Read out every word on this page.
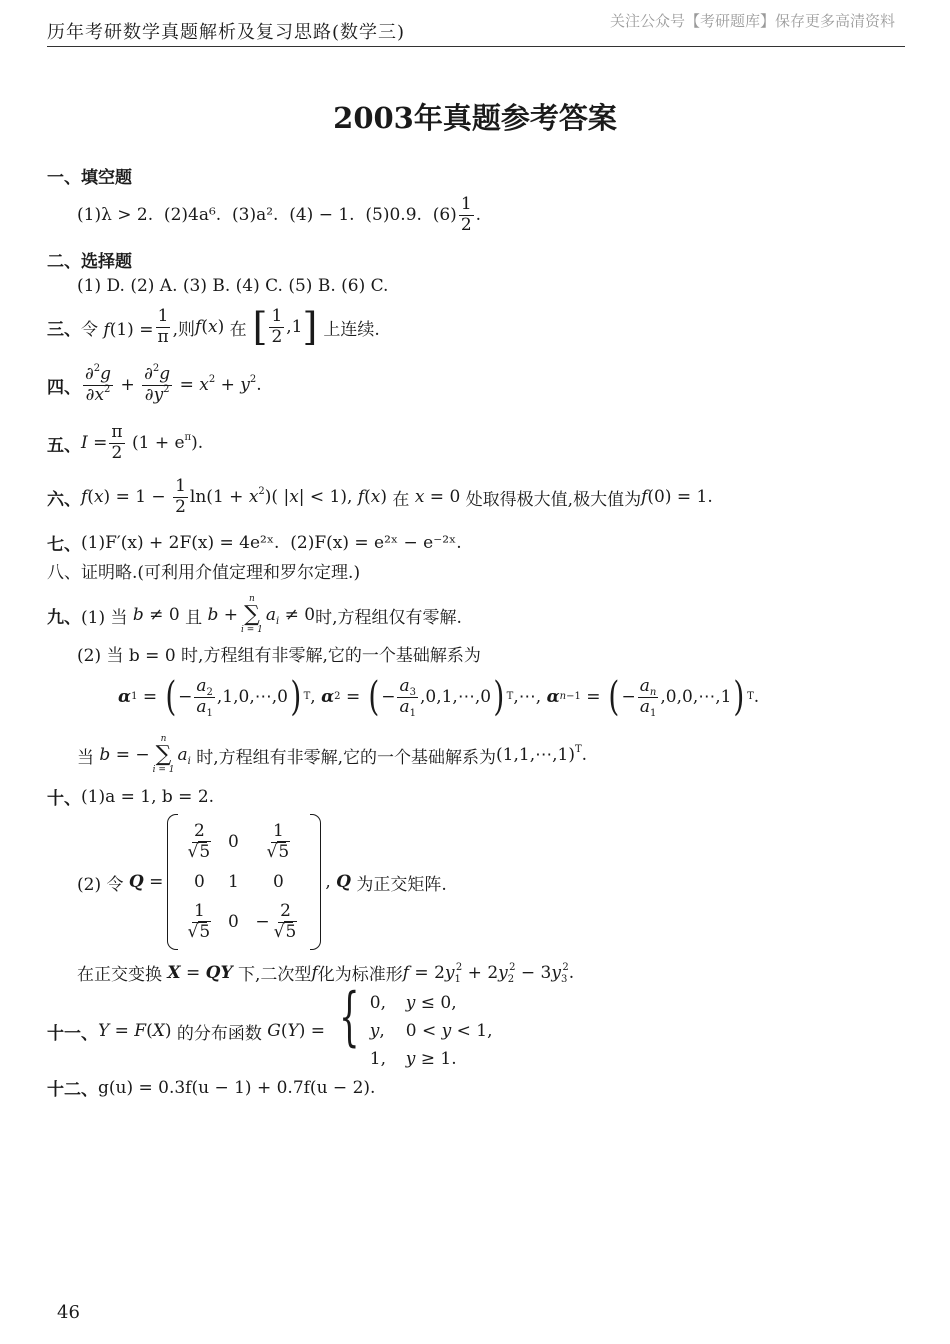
历年考研数学真题解析及复习思路(数学三)
关注公众号【考研题库】保存更多高清资料
2003年真题参考答案
一、填空题
(1)λ > 2.  (2)4a⁶.  (3)a².  (4) − 1.  (5)0.9.  $(6) \frac{1}{2}$ .
二、选择题
(1) D. (2) A. (3) B. (4) C. (5) B. (6) C.
三、 令 $f(1) = \frac{1}{\pi}$ ,则 f(x) 在 [ $\frac{1}{2} ,1$ ] 上连续.
四、 $\frac{\partial^2g}{\partial x^2} + \frac{\partial^2g}{\partial y^2} = x^2 + y^2$.
五、 $I = \frac{\pi}{2} (1 + e^\pi)$.
六、 $f(x) = 1 - \frac{1}{2} \ln(1 + x^2)$( |x| < 1), f(x) 在 x = 0 处取得极大值,极大值为 f(0) = 1.
七、 (1)F′(x) + 2F(x) = 4e²ˣ.  (2)F(x) = e²ˣ − e⁻²ˣ.
八、证明略.(可利用介值定理和罗尔定理.)
九、 (1) 当 b ≠ 0 且 b +
n
∑
i = 1
$a_i \ne 0$ 时,方程组仅有零解.
(2) 当 b = 0 时,方程组有非零解,它的一个基础解系为
α 1 = ( − $\frac{a_2}{a_1}$ ,1,0,⋯,0 ) T , α 2 = ( − $\frac{a_3}{a_1}$ ,0,1,⋯,0 ) T ,⋯, α n−1 = ( − $\frac{a_n}{a_1}$ ,0,0,⋯,1 ) T .
当 b = −
n
∑
i = 1
$a_i$ 时,方程组有非零解,它的一个基础解系为 (1,1,⋯,1)$^T$.
十、 (1)a = 1, b = 2.
(2) 令 Q =
$\frac{2}{√5} 0 \frac{1}{√5}$
0 1 0
$\frac{1}{√5} 0 - \frac{2}{√5}$
, Q 为正交矩阵.
在正交变换 X = QY 下,二次型 f 化为标准形 $f = 2y_1^2 + 2y_2^2 - 3y_3^2$.
十一、 Y = F(X) 的分布函数 G(Y) = { 0,	y ≤ 0,
y,	0 < y < 1,
1,	y ≥ 1.
十二、 g(u) = 0.3f(u − 1) + 0.7f(u − 2).
46
